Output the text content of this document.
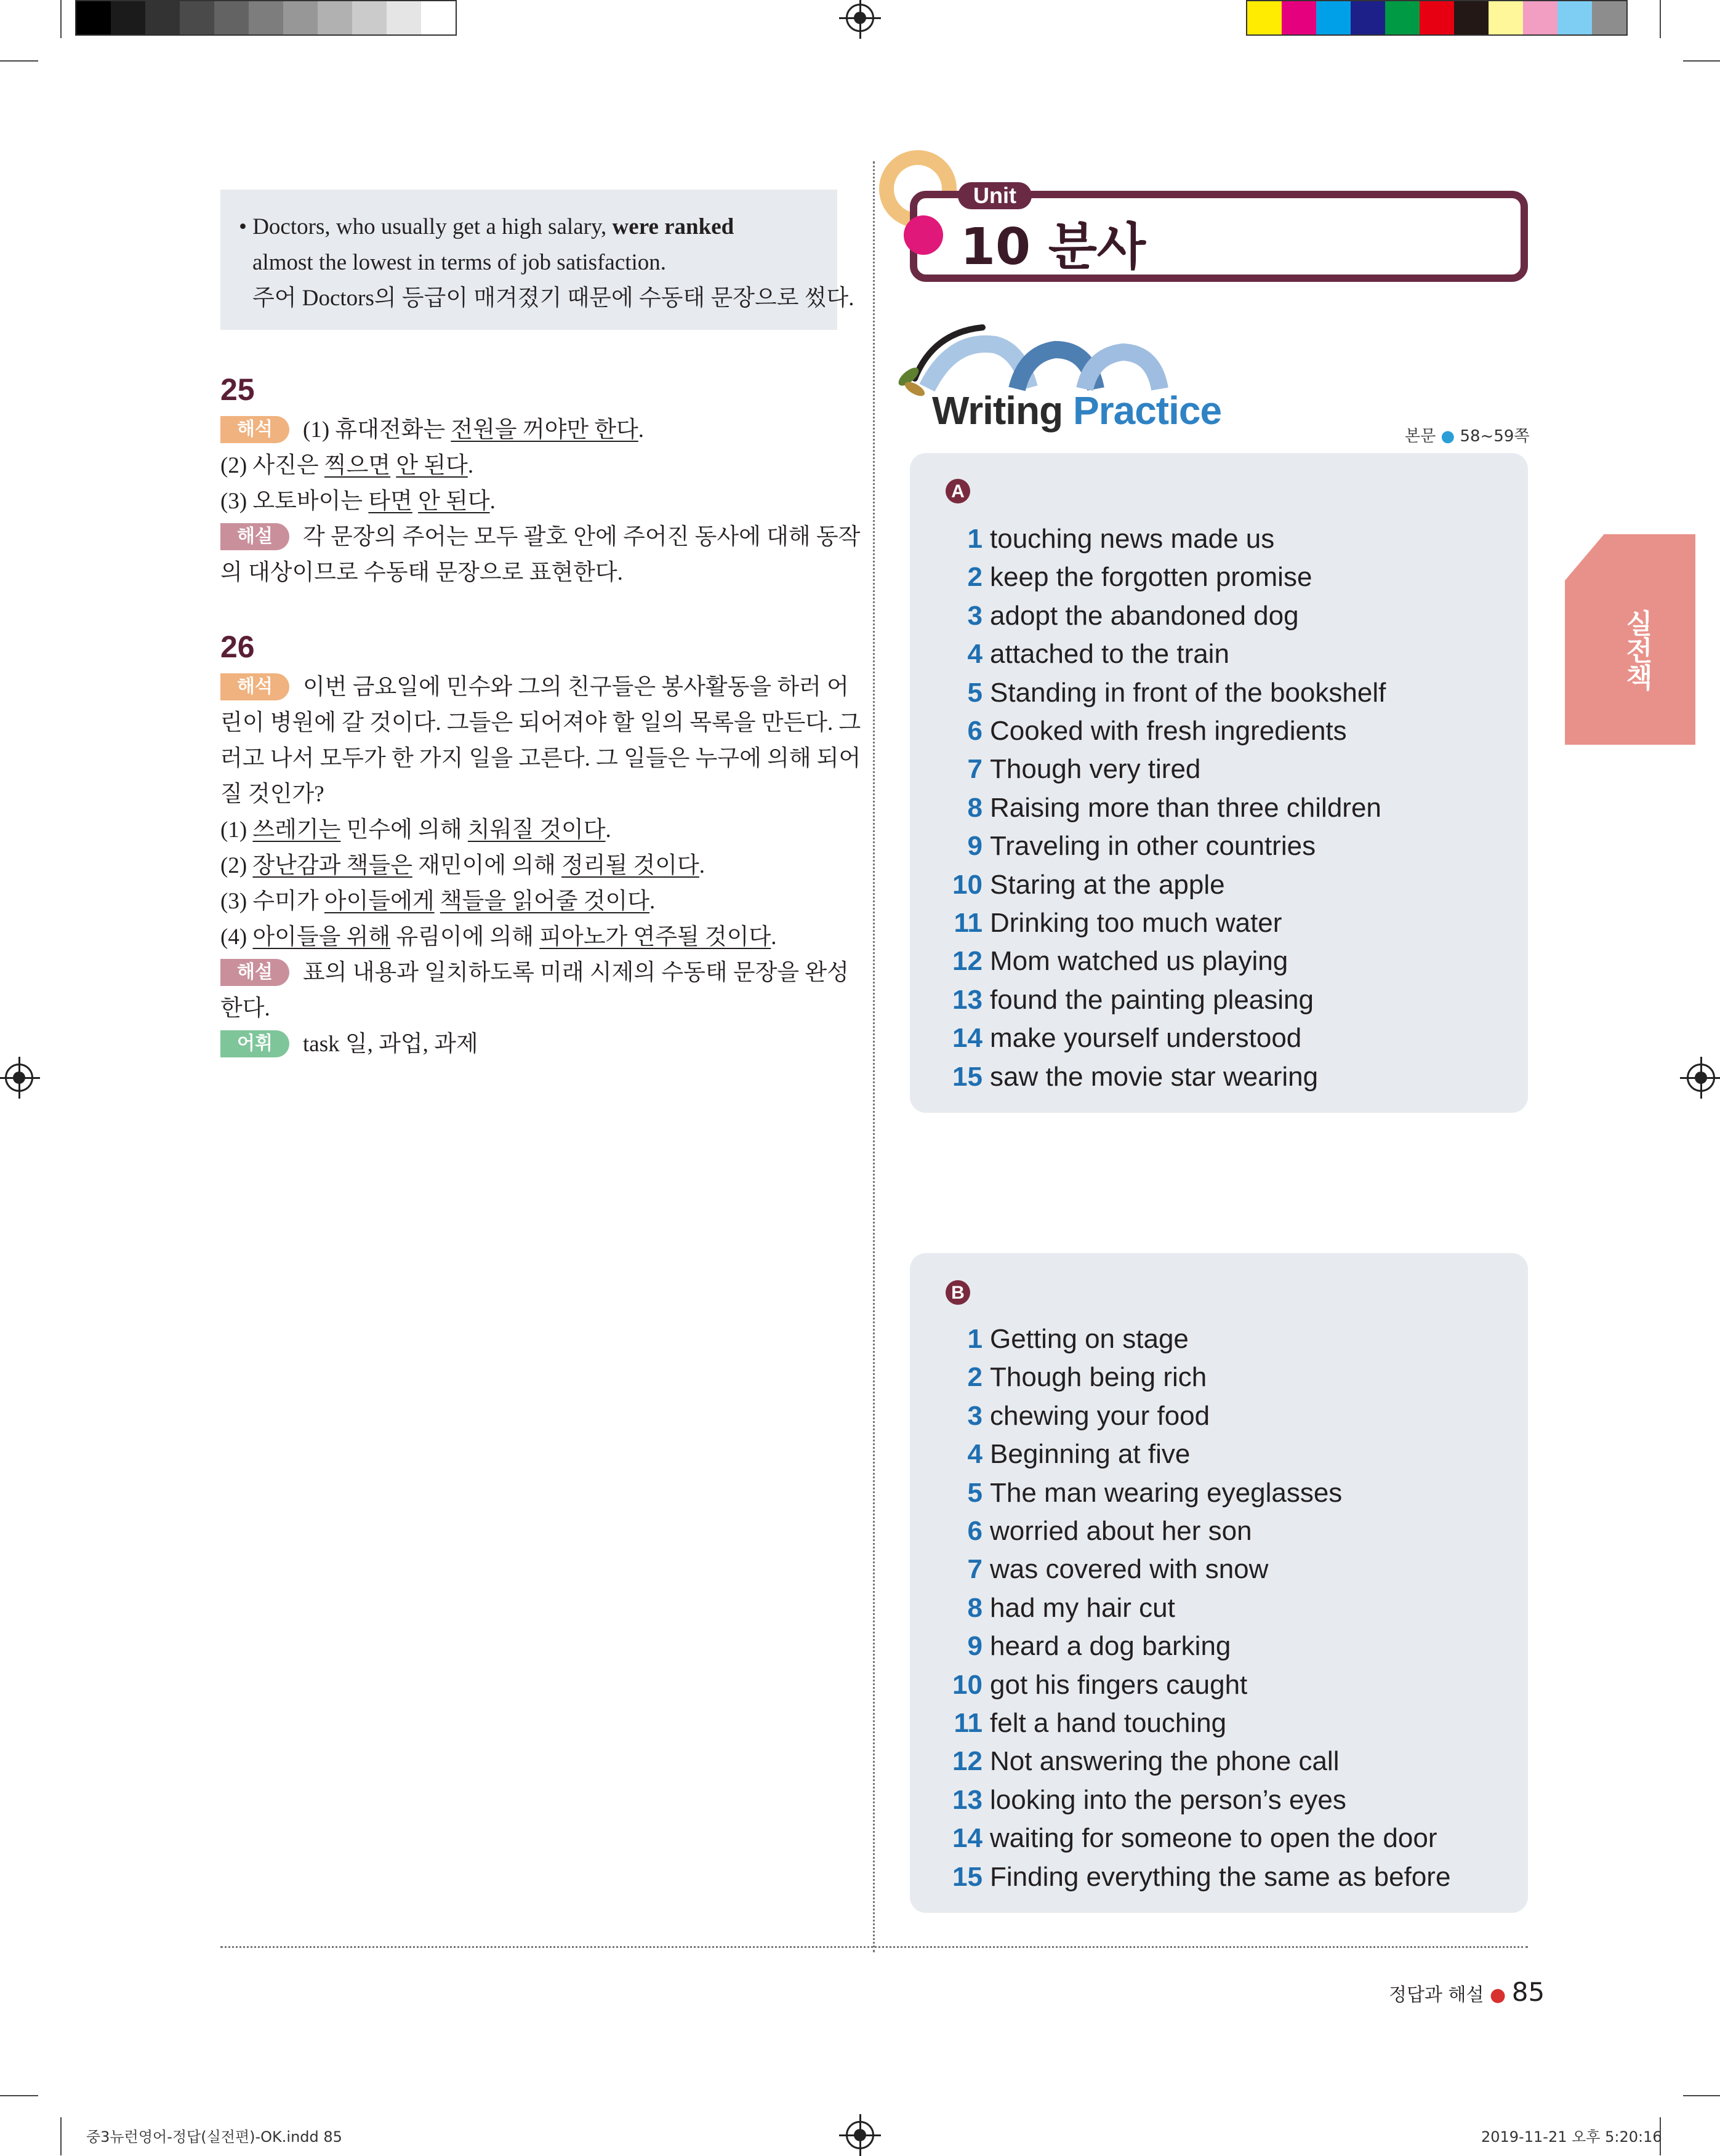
• Doctors, who usually get a high salary, were ranked
almost the lowest in terms of job satisfaction.
주어 Doctors의 등급이 매겨졌기 때문에 수동태 문장으로 썼다.
25
해석 (1) 휴대전화는 전원을 꺼야만 한다.
(2) 사진은 찍으면 안 된다.
(3) 오토바이는 타면 안 된다.
해설 각 문장의 주어는 모두 괄호 안에 주어진 동사에 대해 동작
의 대상이므로 수동태 문장으로 표현한다.
26
해석 이번 금요일에 민수와 그의 친구들은 봉사활동을 하러 어
린이 병원에 갈 것이다. 그들은 되어져야 할 일의 목록을 만든다. 그
러고 나서 모두가 한 가지 일을 고른다. 그 일들은 누구에 의해 되어
질 것인가?
(1) 쓰레기는 민수에 의해 치워질 것이다.
(2) 장난감과 책들은 재민이에 의해 정리될 것이다.
(3) 수미가 아이들에게 책들을 읽어줄 것이다.
(4) 아이들을 위해 유림이에 의해 피아노가 연주될 것이다.
해설 표의 내용과 일치하도록 미래 시제의 수동태 문장을 완성
한다.
어휘 task 일, 과업, 과제
Unit
10 분사
Writing Practice
본문 ● 58~59쪽
A
1 touching news made us
2 keep the forgotten promise
3 adopt the abandoned dog
4 attached to the train
5 Standing in front of the bookshelf
6 Cooked with fresh ingredients
7 Though very tired
8 Raising more than three children
9 Traveling in other countries
10 Staring at the apple
11 Drinking too much water
12 Mom watched us playing
13 found the painting pleasing
14 make yourself understood
15 saw the movie star wearing
B
1 Getting on stage
2 Though being rich
3 chewing your food
4 Beginning at five
5 The man wearing eyeglasses
6 worried about her son
7 was covered with snow
8 had my hair cut
9 heard a dog barking
10 got his fingers caught
11 felt a hand touching
12 Not answering the phone call
13 looking into the person’s eyes
14 waiting for someone to open the door
15 Finding everything the same as before
실전책
정답과 해설 ● 85
중3뉴런영어-정답(실전편)-OK.indd 85	2019-11-21 오후 5:20:16
